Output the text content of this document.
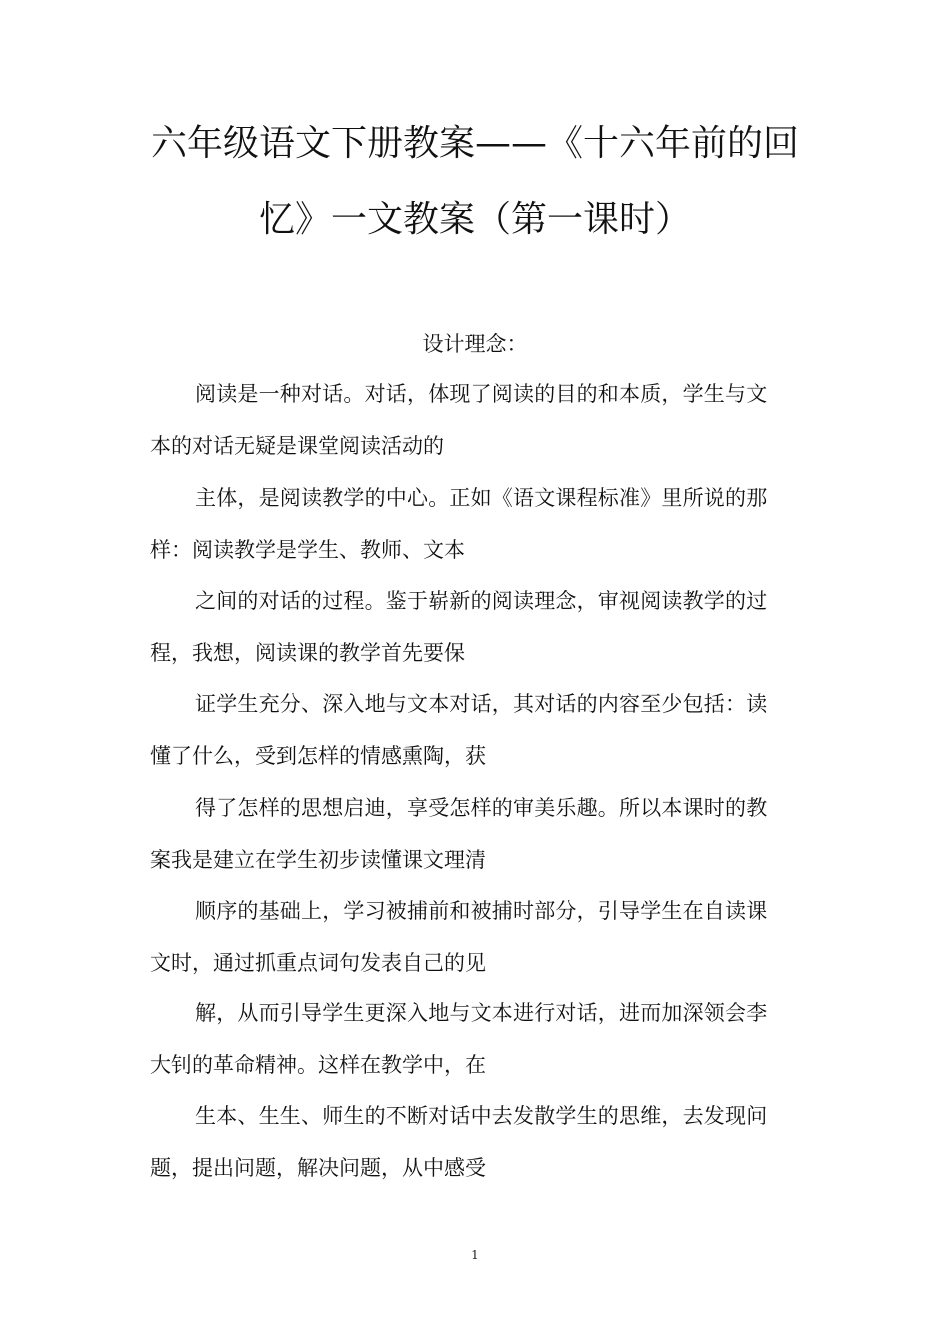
六年级语文下册教案——《十六年前的回
忆》一文教案（第一课时）
设计理念：
阅读是一种对话。对话，体现了阅读的目的和本质，学生与文
本的对话无疑是课堂阅读活动的
主体，是阅读教学的中心。正如《语文课程标准》里所说的那
样：阅读教学是学生、教师、文本
之间的对话的过程。鉴于崭新的阅读理念，审视阅读教学的过
程，我想，阅读课的教学首先要保
证学生充分、深入地与文本对话，其对话的内容至少包括：读
懂了什么，受到怎样的情感熏陶，获
得了怎样的思想启迪，享受怎样的审美乐趣。所以本课时的教
案我是建立在学生初步读懂课文理清
顺序的基础上，学习被捕前和被捕时部分，引导学生在自读课
文时，通过抓重点词句发表自己的见
解，从而引导学生更深入地与文本进行对话，进而加深领会李
大钊的革命精神。这样在教学中，在
生本、生生、师生的不断对话中去发散学生的思维，去发现问
题，提出问题，解决问题，从中感受
1
